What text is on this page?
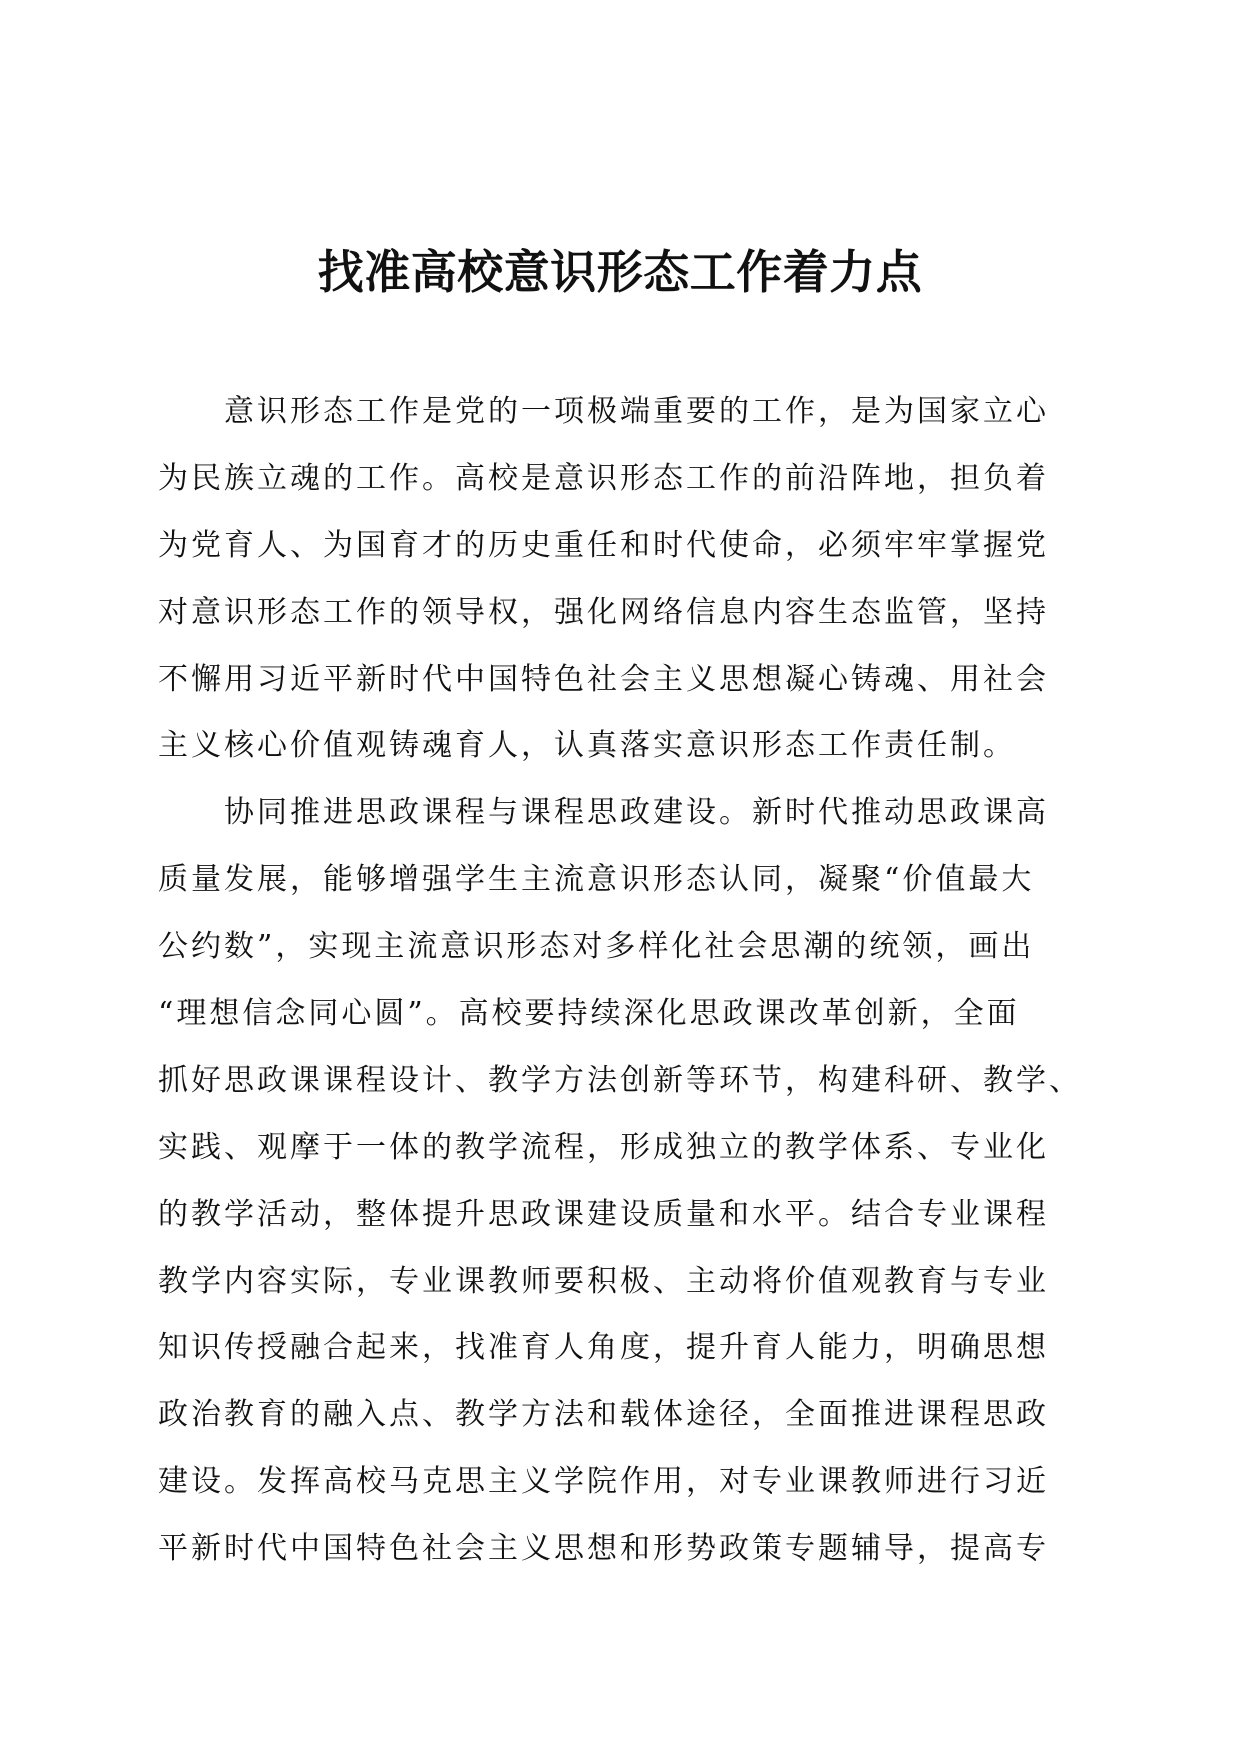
找准高校意识形态工作着力点
　　意识形态工作是党的一项极端重要的工作，是为国家立心
为民族立魂的工作。高校是意识形态工作的前沿阵地，担负着
为党育人、为国育才的历史重任和时代使命，必须牢牢掌握党
对意识形态工作的领导权，强化网络信息内容生态监管，坚持
不懈用习近平新时代中国特色社会主义思想凝心铸魂、用社会
主义核心价值观铸魂育人，认真落实意识形态工作责任制。
　　协同推进思政课程与课程思政建设。新时代推动思政课高
质量发展，能够增强学生主流意识形态认同，凝聚“价值最大
公约数”，实现主流意识形态对多样化社会思潮的统领，画出
“理想信念同心圆”。高校要持续深化思政课改革创新，全面
抓好思政课课程设计、教学方法创新等环节，构建科研、教学、
实践、观摩于一体的教学流程，形成独立的教学体系、专业化
的教学活动，整体提升思政课建设质量和水平。结合专业课程
教学内容实际，专业课教师要积极、主动将价值观教育与专业
知识传授融合起来，找准育人角度，提升育人能力，明确思想
政治教育的融入点、教学方法和载体途径，全面推进课程思政
建设。发挥高校马克思主义学院作用，对专业课教师进行习近
平新时代中国特色社会主义思想和形势政策专题辅导，提高专
